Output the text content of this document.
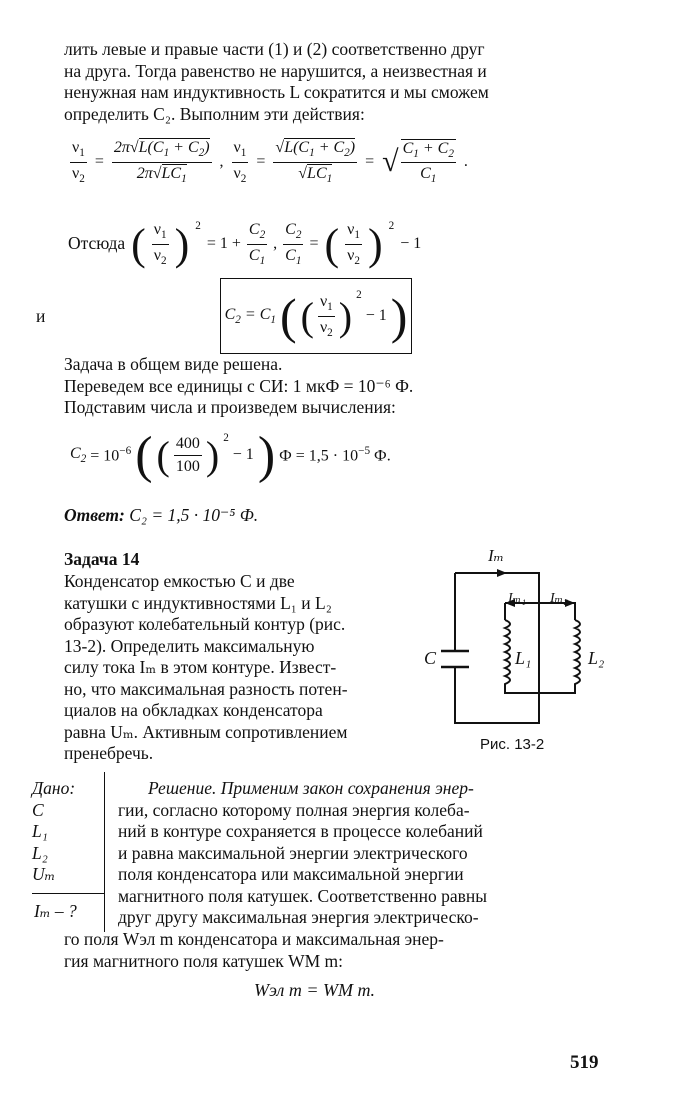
лить левые и правые части (1) и (2) соответственно друг
на друга. Тогда равенство не нарушится, а неизвестная и
ненужная нам индуктивность L сократится и мы сможем
определить C₂. Выполним эти действия:
$\frac{\nu_1}{\nu_2} = \frac{2\pi√L(C_1 + C_2)}{2\pi√LC_1}$ , $\frac{\nu_1}{\nu_2} = \frac{√L(C_1 + C_2)}{√LC_1}$ = √ $\frac{C_1 + C_2}{C_1}$ .
Отсюда ( $\frac{\nu_1}{\nu_2}$ ) $^2$
= $1 + \frac{C_2}{C_1}$ , $\frac{C_2}{C_1}$ = ( $\frac{\nu_1}{\nu_2}$ ) $^2$
− 1
и	$C_2 = C_1$ ( ( $\frac{\nu_1}{\nu_2}$ ) $^2$
− 1 )
Задача в общем виде решена.
Переведем все единицы с СИ: 1 мкФ = 10⁻⁶ Ф.
Подставим числа и произведем вычисления:
$C_2 = 10^{-6}$ ( ( $\frac{400}{100}$ ) $^2$
− 1 ) $Ф = 1,5 \cdot 10^{-5}$ Ф.
Ответ: C₂ = 1,5 · 10⁻⁵ Ф.
Задача 14
Конденсатор емкостью C и две
катушки с индуктивностями L₁ и L₂
образуют колебательный контур (рис.
13-2). Определить максимальную
силу тока Iₘ в этом контуре. Извест-
но, что максимальная разность потен-
циалов на обкладках конденсатора
равна Uₘ. Активным сопротивлением
пренебречь.
Iₘ
Iₘ₁ Iₘ₂
C	L₁	L₂
Рис. 13-2
Дано:
C
L₁
L₂
Uₘ
Iₘ – ?
Решение. Применим закон сохранения энер-
гии, согласно которому полная энергия колеба-
ний в контуре сохраняется в процессе колебаний
и равна максимальной энергии электрического
поля конденсатора или максимальной энергии
магнитного поля катушек. Соответственно равны
друг другу максимальная энергия электрическо-
го поля Wэл m конденсатора и максимальная энер-
гия магнитного поля катушек WM m:
Wэл m = WM m.
519
